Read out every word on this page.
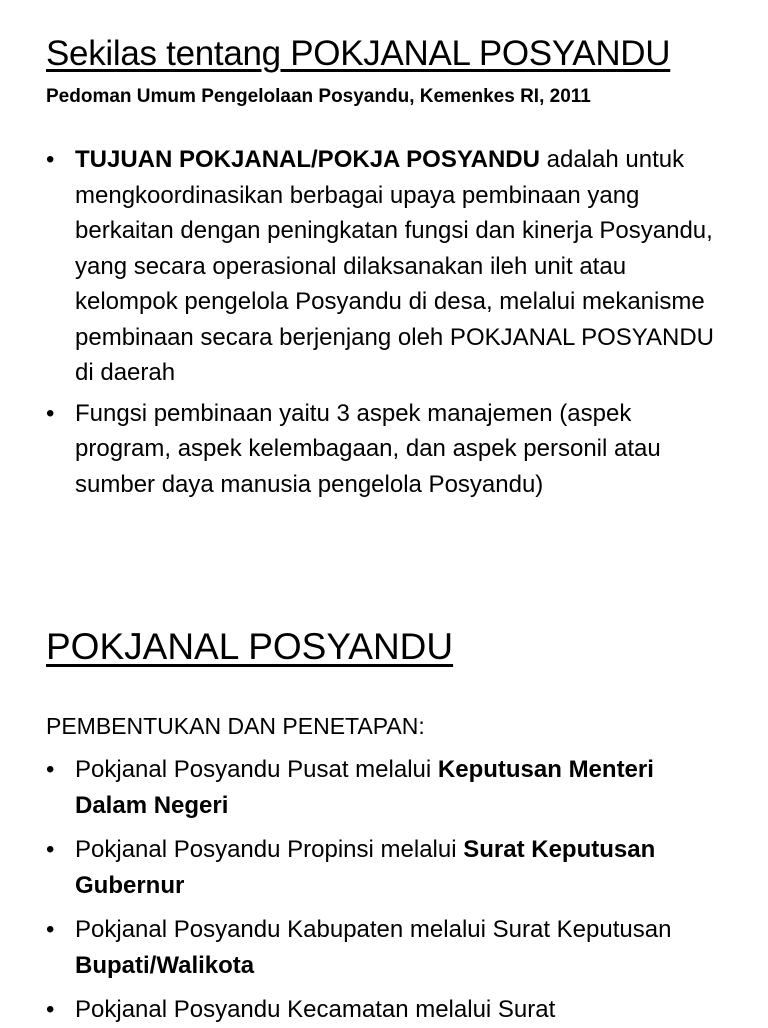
Sekilas tentang POKJANAL POSYANDU

Pedoman Umum Pengelolaan Posyandu, Kemenkes RI, 2011

• TUJUAN POKJANAL/POKJA POSYANDU adalah untuk mengkoordinasikan berbagai upaya pembinaan yang berkaitan dengan peningkatan fungsi dan kinerja Posyandu, yang secara operasional dilaksanakan ileh unit atau kelompok pengelola Posyandu di desa, melalui mekanisme pembinaan secara berjenjang oleh POKJANAL POSYANDU di daerah
• Fungsi pembinaan yaitu 3 aspek manajemen (aspek program, aspek kelembagaan, dan aspek personil atau sumber daya manusia pengelola Posyandu)
POKJANAL POSYANDU

PEMBENTUKAN DAN PENETAPAN:

• Pokjanal Posyandu Pusat melalui Keputusan Menteri Dalam Negeri
• Pokjanal Posyandu Propinsi melalui Surat Keputusan Gubernur
• Pokjanal Posyandu Kabupaten melalui Surat Keputusan Bupati/Walikota
• Pokjanal Posyandu Kecamatan melalui Surat
